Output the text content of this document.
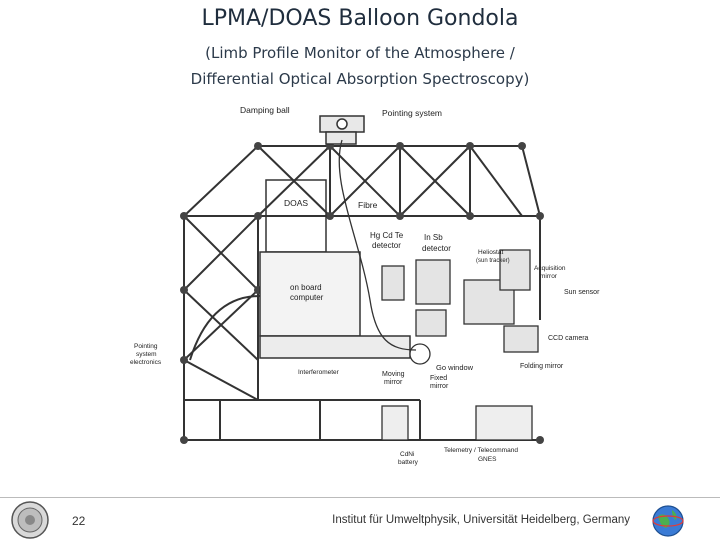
LPMA/DOAS Balloon Gondola
(Limb Profile Monitor of the Atmosphere /
Differential Optical Absorption Spectroscopy)
Damping ball	Pointing system
DOAS	Fibre
Hg Cd Te
detector
In Sb
detector	Heliostat
(sun tracker)
Acquisition
mirror
Sun sensor
on board
computer
CCD camera
Pointing
system
electronics
Folding mirror
Interferometer
Go window
Moving
mirror
Fixed
mirror
CdNi
battery
Telemetry / Telecommand
GNES
22	Institut für Umweltphysik, Universität Heidelberg, Germany
